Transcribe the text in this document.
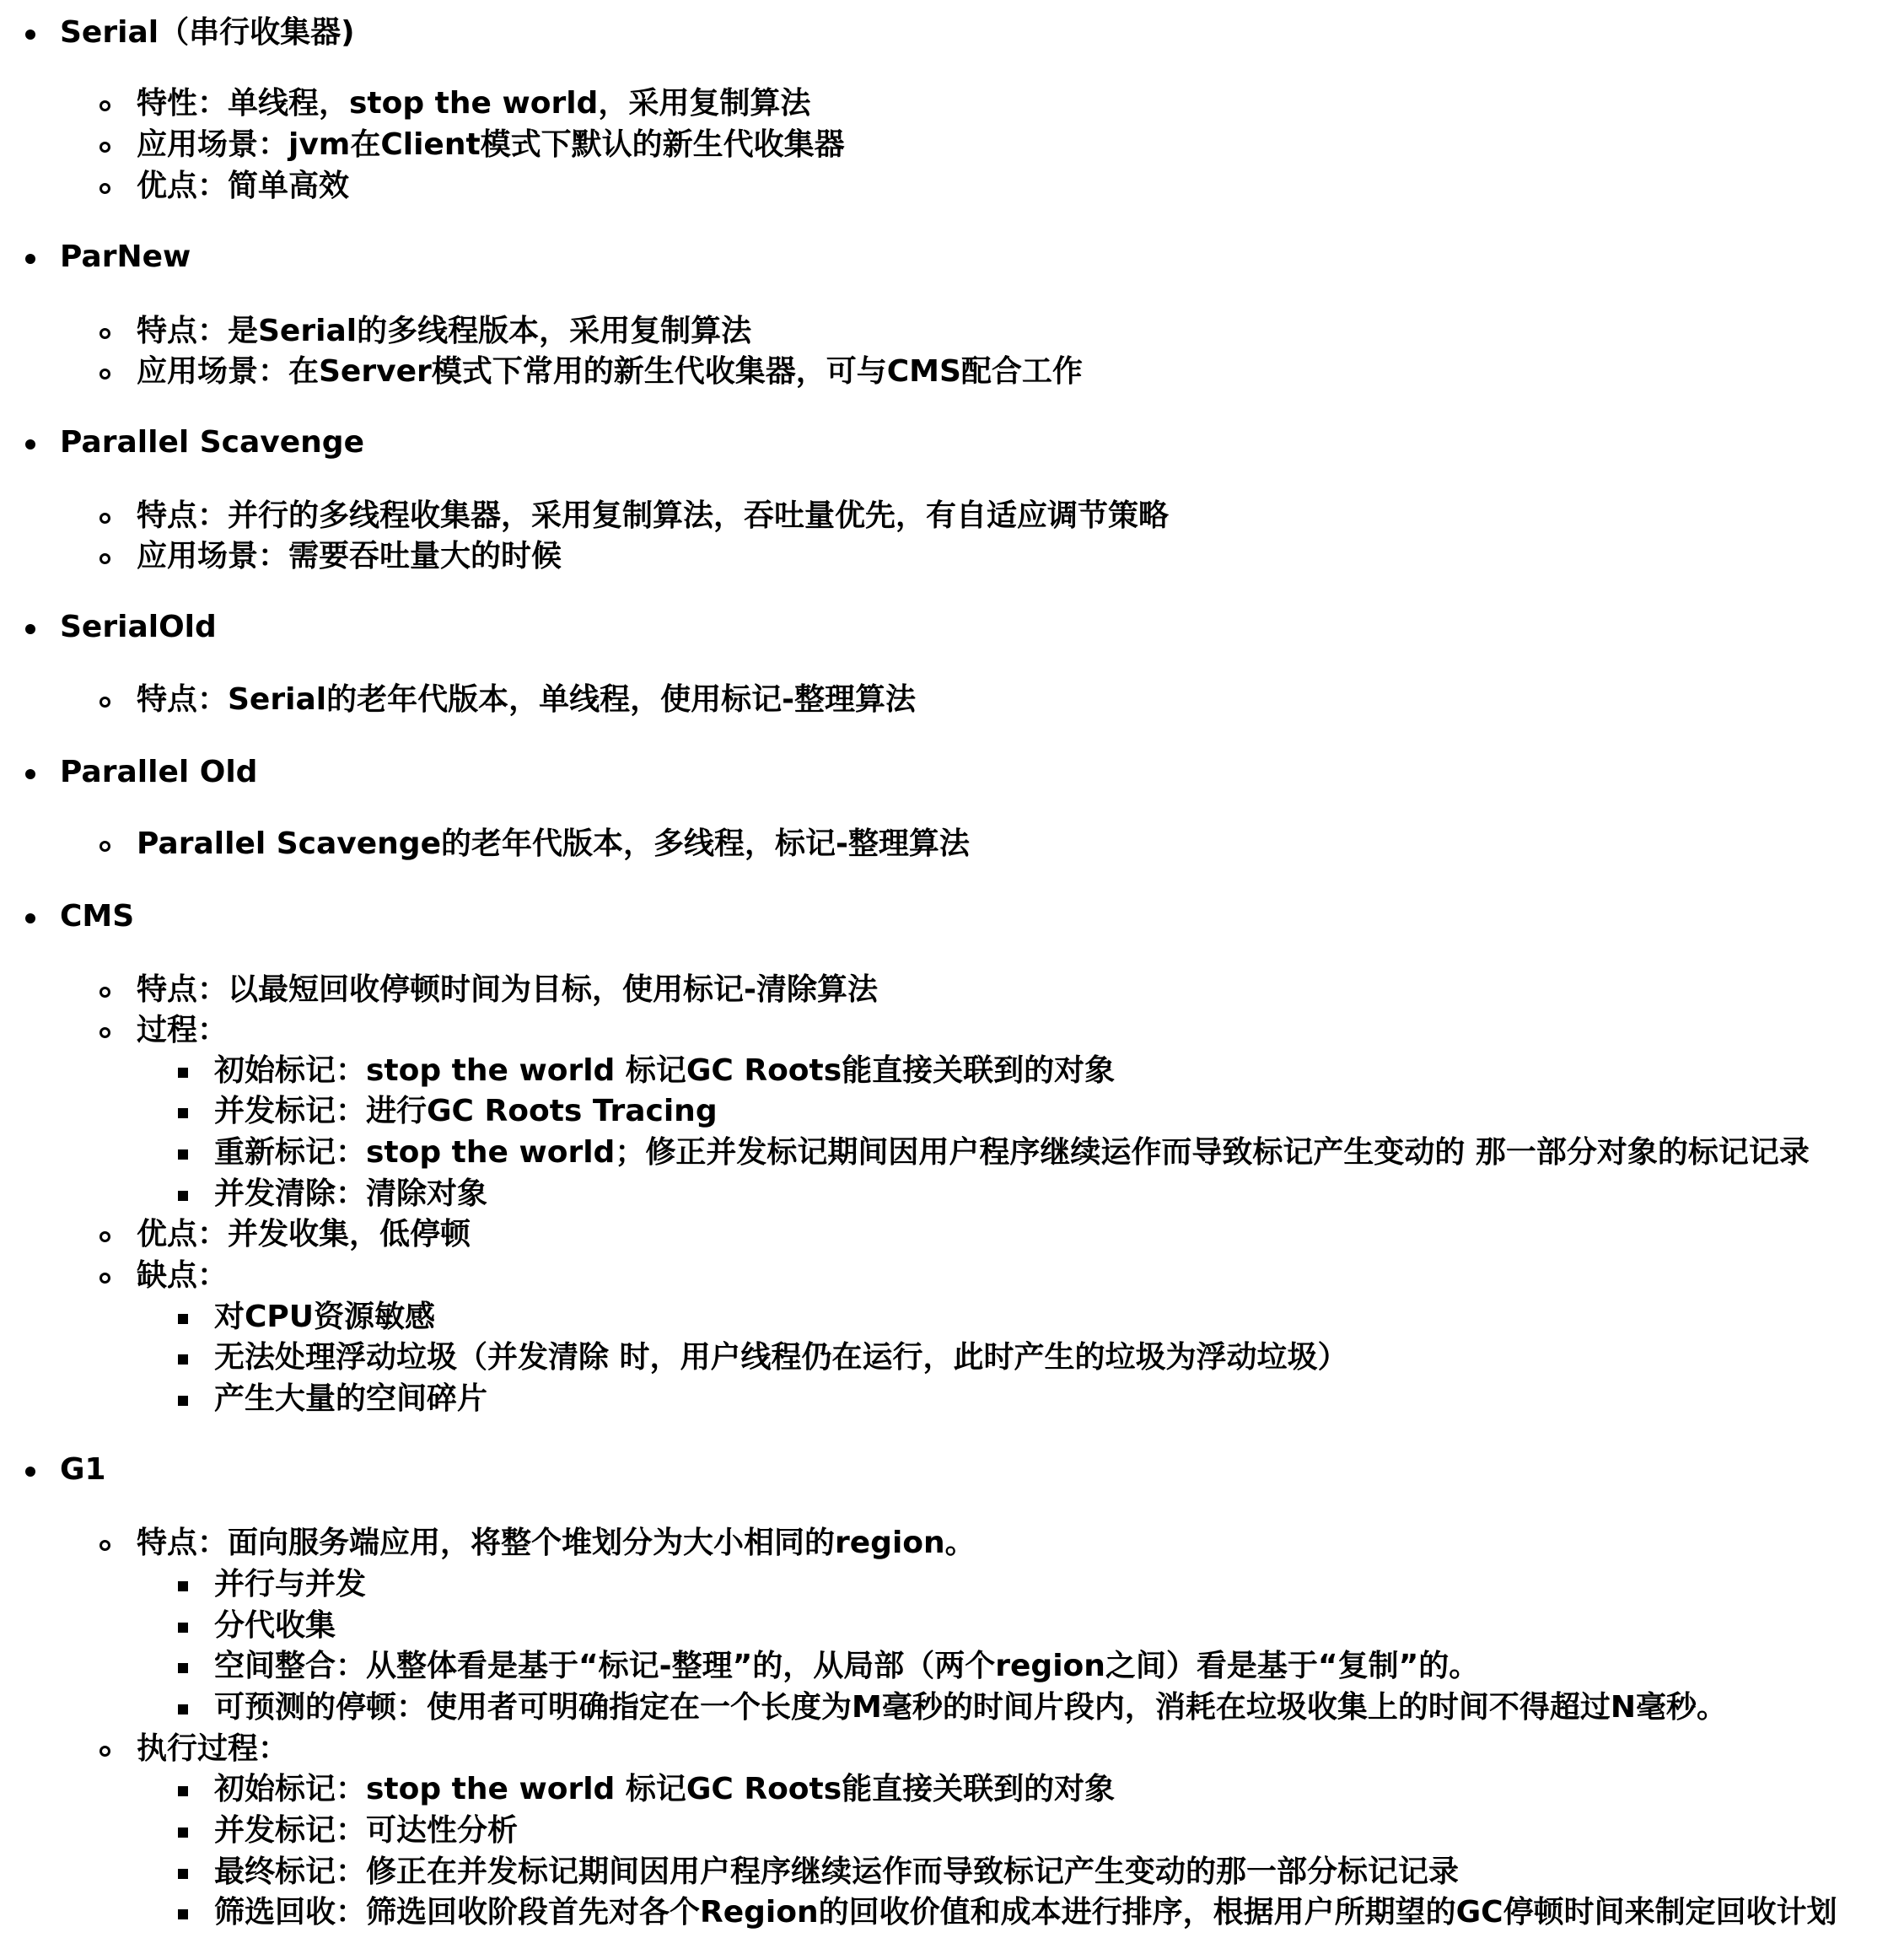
Serial（串行收集器)
特性：单线程，stop the world，采用复制算法
应用场景：jvm在Client模式下默认的新生代收集器
优点：简单高效
ParNew
特点：是Serial的多线程版本，采用复制算法
应用场景：在Server模式下常用的新生代收集器，可与CMS配合工作
Parallel Scavenge
特点：并行的多线程收集器，采用复制算法，吞吐量优先，有自适应调节策略
应用场景：需要吞吐量大的时候
SerialOld
特点：Serial的老年代版本，单线程，使用标记-整理算法
Parallel Old
Parallel Scavenge的老年代版本，多线程，标记-整理算法
CMS
特点：以最短回收停顿时间为目标，使用标记-清除算法
过程：
初始标记：stop the world 标记GC Roots能直接关联到的对象
并发标记：进行GC Roots Tracing
重新标记：stop the world；修正并发标记期间因用户程序继续运作而导致标记产生变动的 那一部分对象的标记记录
并发清除：清除对象
优点：并发收集，低停顿
缺点：
对CPU资源敏感
无法处理浮动垃圾（并发清除 时，用户线程仍在运行，此时产生的垃圾为浮动垃圾）
产生大量的空间碎片
G1
特点：面向服务端应用，将整个堆划分为大小相同的region。
并行与并发
分代收集
空间整合：从整体看是基于“标记-整理”的，从局部（两个region之间）看是基于“复制”的。
可预测的停顿：使用者可明确指定在一个长度为M毫秒的时间片段内，消耗在垃圾收集上的时间不得超过N毫秒。
执行过程：
初始标记：stop the world 标记GC Roots能直接关联到的对象
并发标记：可达性分析
最终标记：修正在并发标记期间因用户程序继续运作而导致标记产生变动的那一部分标记记录
筛选回收：筛选回收阶段首先对各个Region的回收价值和成本进行排序，根据用户所期望的GC停顿时间来制定回收计划
